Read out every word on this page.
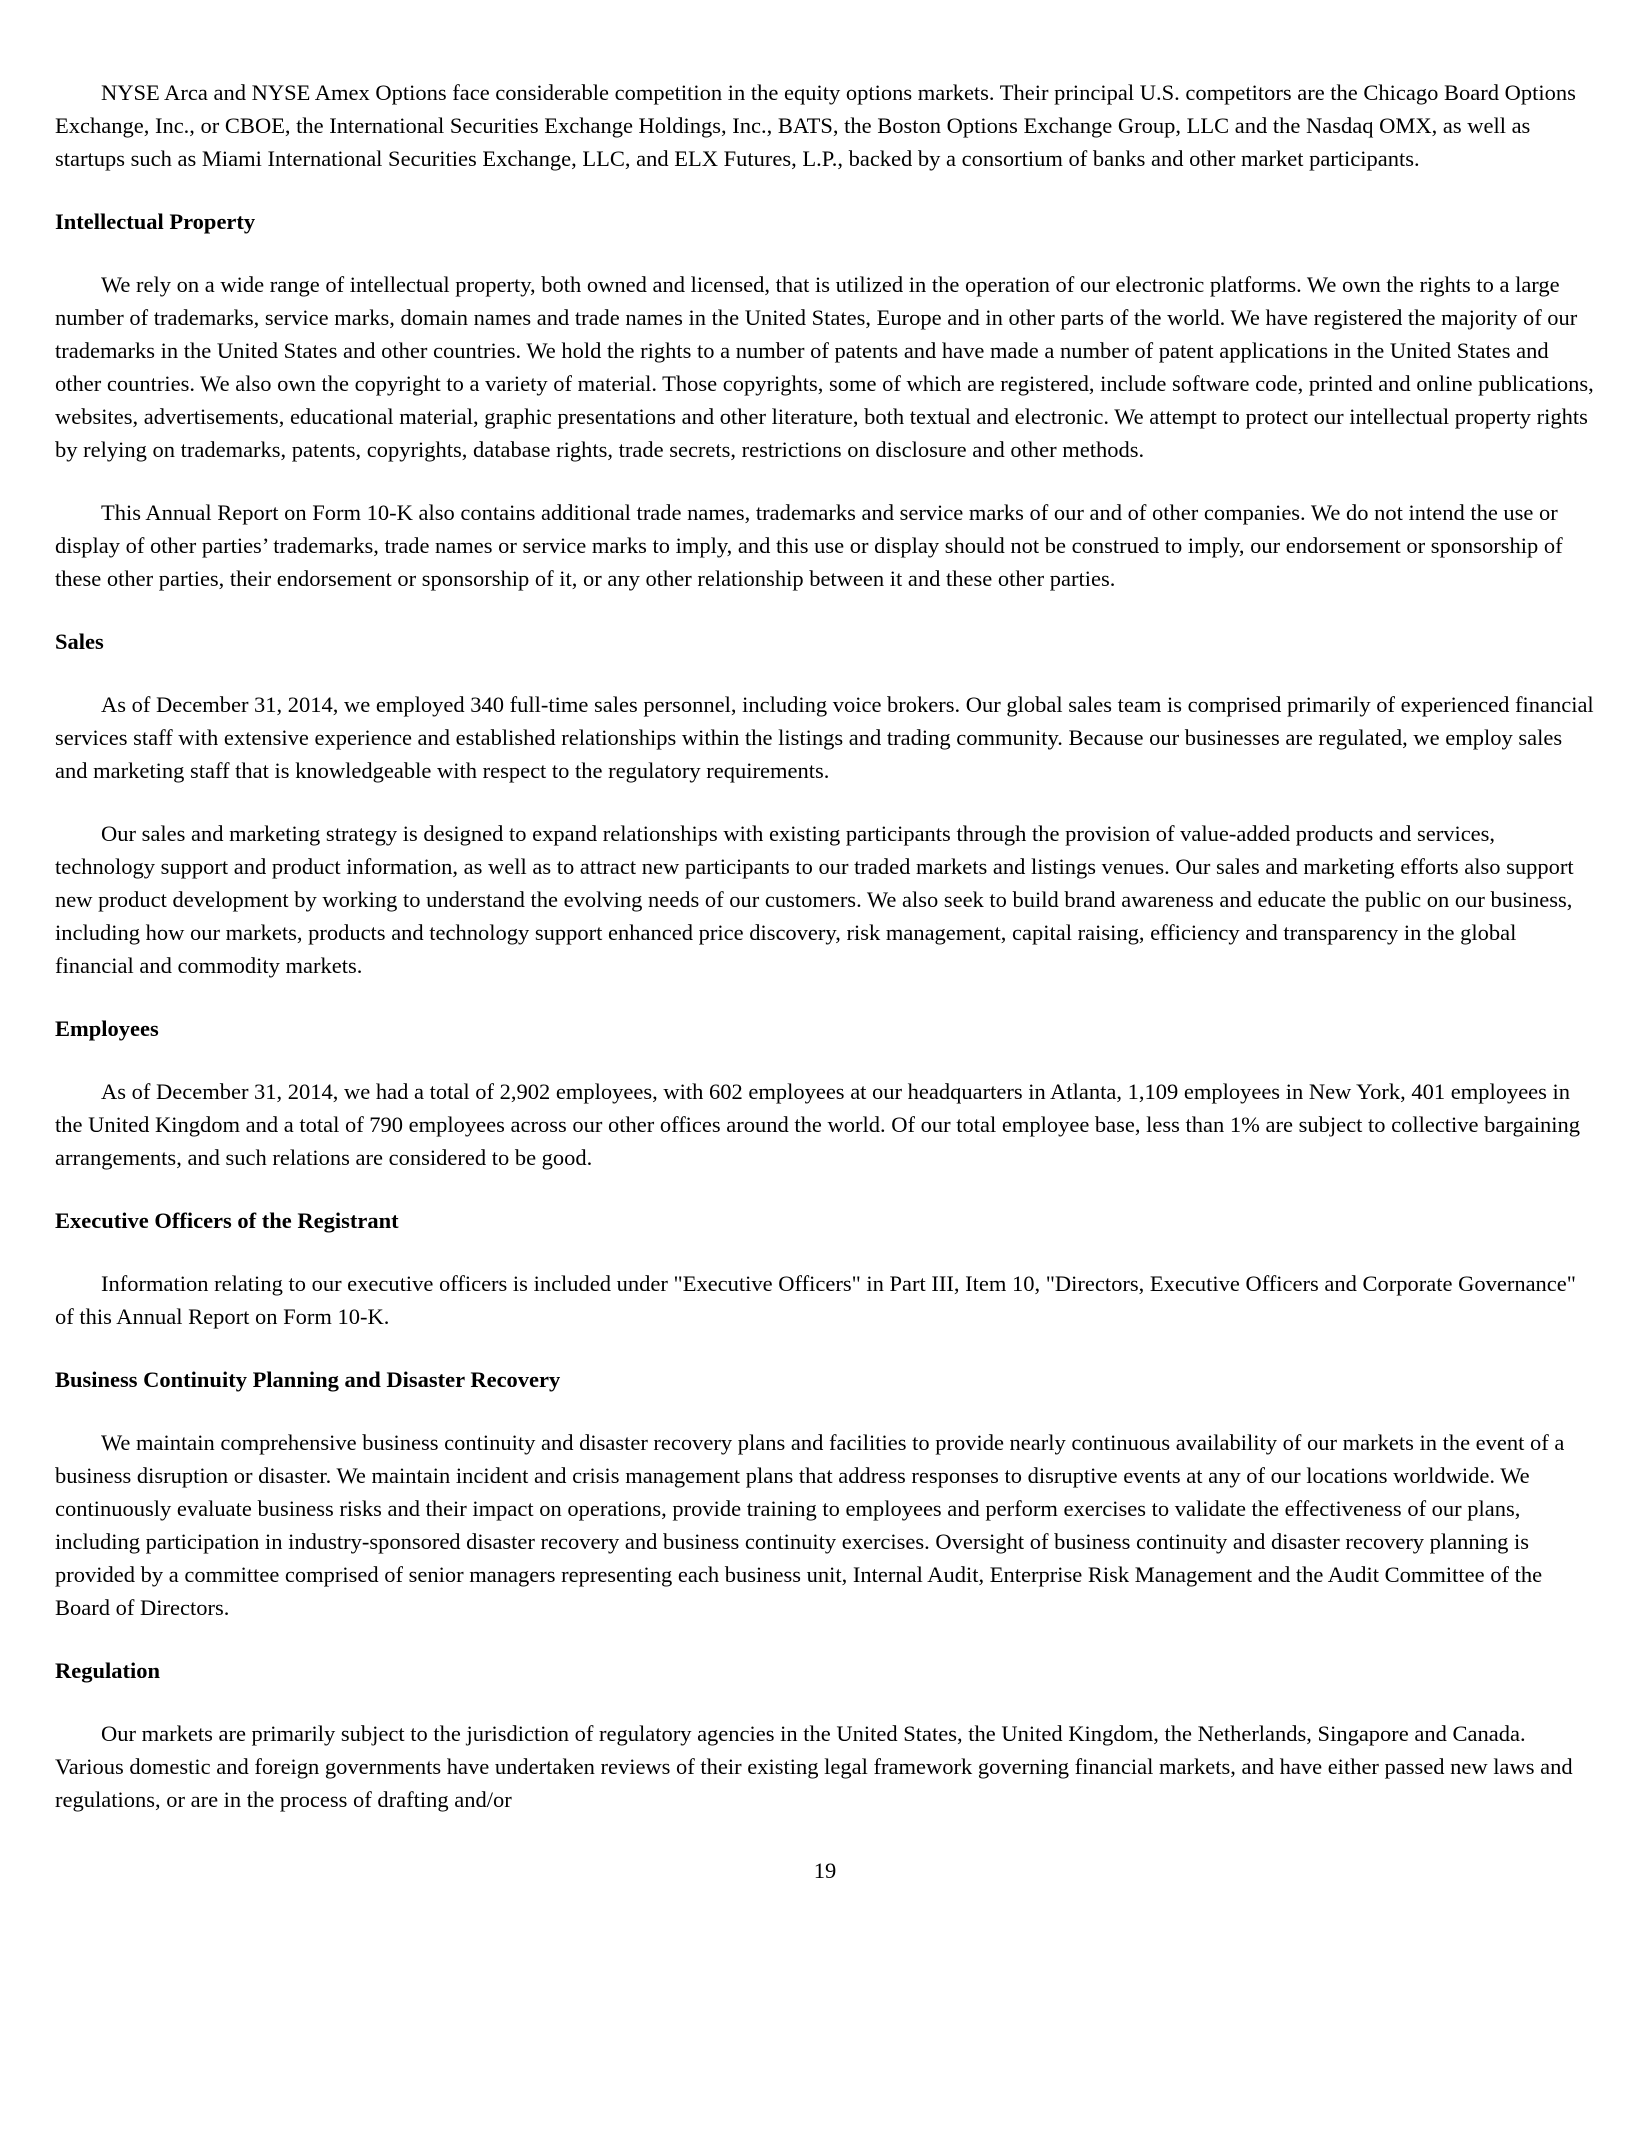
NYSE Arca and NYSE Amex Options face considerable competition in the equity options markets. Their principal U.S. competitors are the Chicago Board Options Exchange, Inc., or CBOE, the International Securities Exchange Holdings, Inc., BATS, the Boston Options Exchange Group, LLC and the Nasdaq OMX, as well as startups such as Miami International Securities Exchange, LLC, and ELX Futures, L.P., backed by a consortium of banks and other market participants.

Intellectual Property

We rely on a wide range of intellectual property, both owned and licensed, that is utilized in the operation of our electronic platforms. We own the rights to a large number of trademarks, service marks, domain names and trade names in the United States, Europe and in other parts of the world. We have registered the majority of our trademarks in the United States and other countries. We hold the rights to a number of patents and have made a number of patent applications in the United States and other countries. We also own the copyright to a variety of material. Those copyrights, some of which are registered, include software code, printed and online publications, websites, advertisements, educational material, graphic presentations and other literature, both textual and electronic. We attempt to protect our intellectual property rights by relying on trademarks, patents, copyrights, database rights, trade secrets, restrictions on disclosure and other methods.

This Annual Report on Form 10-K also contains additional trade names, trademarks and service marks of our and of other companies. We do not intend the use or display of other parties’ trademarks, trade names or service marks to imply, and this use or display should not be construed to imply, our endorsement or sponsorship of these other parties, their endorsement or sponsorship of it, or any other relationship between it and these other parties.

Sales

As of December 31, 2014, we employed 340 full-time sales personnel, including voice brokers. Our global sales team is comprised primarily of experienced financial services staff with extensive experience and established relationships within the listings and trading community. Because our businesses are regulated, we employ sales and marketing staff that is knowledgeable with respect to the regulatory requirements.

Our sales and marketing strategy is designed to expand relationships with existing participants through the provision of value-added products and services, technology support and product information, as well as to attract new participants to our traded markets and listings venues. Our sales and marketing efforts also support new product development by working to understand the evolving needs of our customers. We also seek to build brand awareness and educate the public on our business, including how our markets, products and technology support enhanced price discovery, risk management, capital raising, efficiency and transparency in the global financial and commodity markets.

Employees

As of December 31, 2014, we had a total of 2,902 employees, with 602 employees at our headquarters in Atlanta, 1,109 employees in New York, 401 employees in the United Kingdom and a total of 790 employees across our other offices around the world. Of our total employee base, less than 1% are subject to collective bargaining arrangements, and such relations are considered to be good.

Executive Officers of the Registrant

Information relating to our executive officers is included under "Executive Officers" in Part III, Item 10, "Directors, Executive Officers and Corporate Governance" of this Annual Report on Form 10-K.

Business Continuity Planning and Disaster Recovery

We maintain comprehensive business continuity and disaster recovery plans and facilities to provide nearly continuous availability of our markets in the event of a business disruption or disaster. We maintain incident and crisis management plans that address responses to disruptive events at any of our locations worldwide. We continuously evaluate business risks and their impact on operations, provide training to employees and perform exercises to validate the effectiveness of our plans, including participation in industry-sponsored disaster recovery and business continuity exercises. Oversight of business continuity and disaster recovery planning is provided by a committee comprised of senior managers representing each business unit, Internal Audit, Enterprise Risk Management and the Audit Committee of the Board of Directors.

Regulation

Our markets are primarily subject to the jurisdiction of regulatory agencies in the United States, the United Kingdom, the Netherlands, Singapore and Canada. Various domestic and foreign governments have undertaken reviews of their existing legal framework governing financial markets, and have either passed new laws and regulations, or are in the process of drafting and/or

19
